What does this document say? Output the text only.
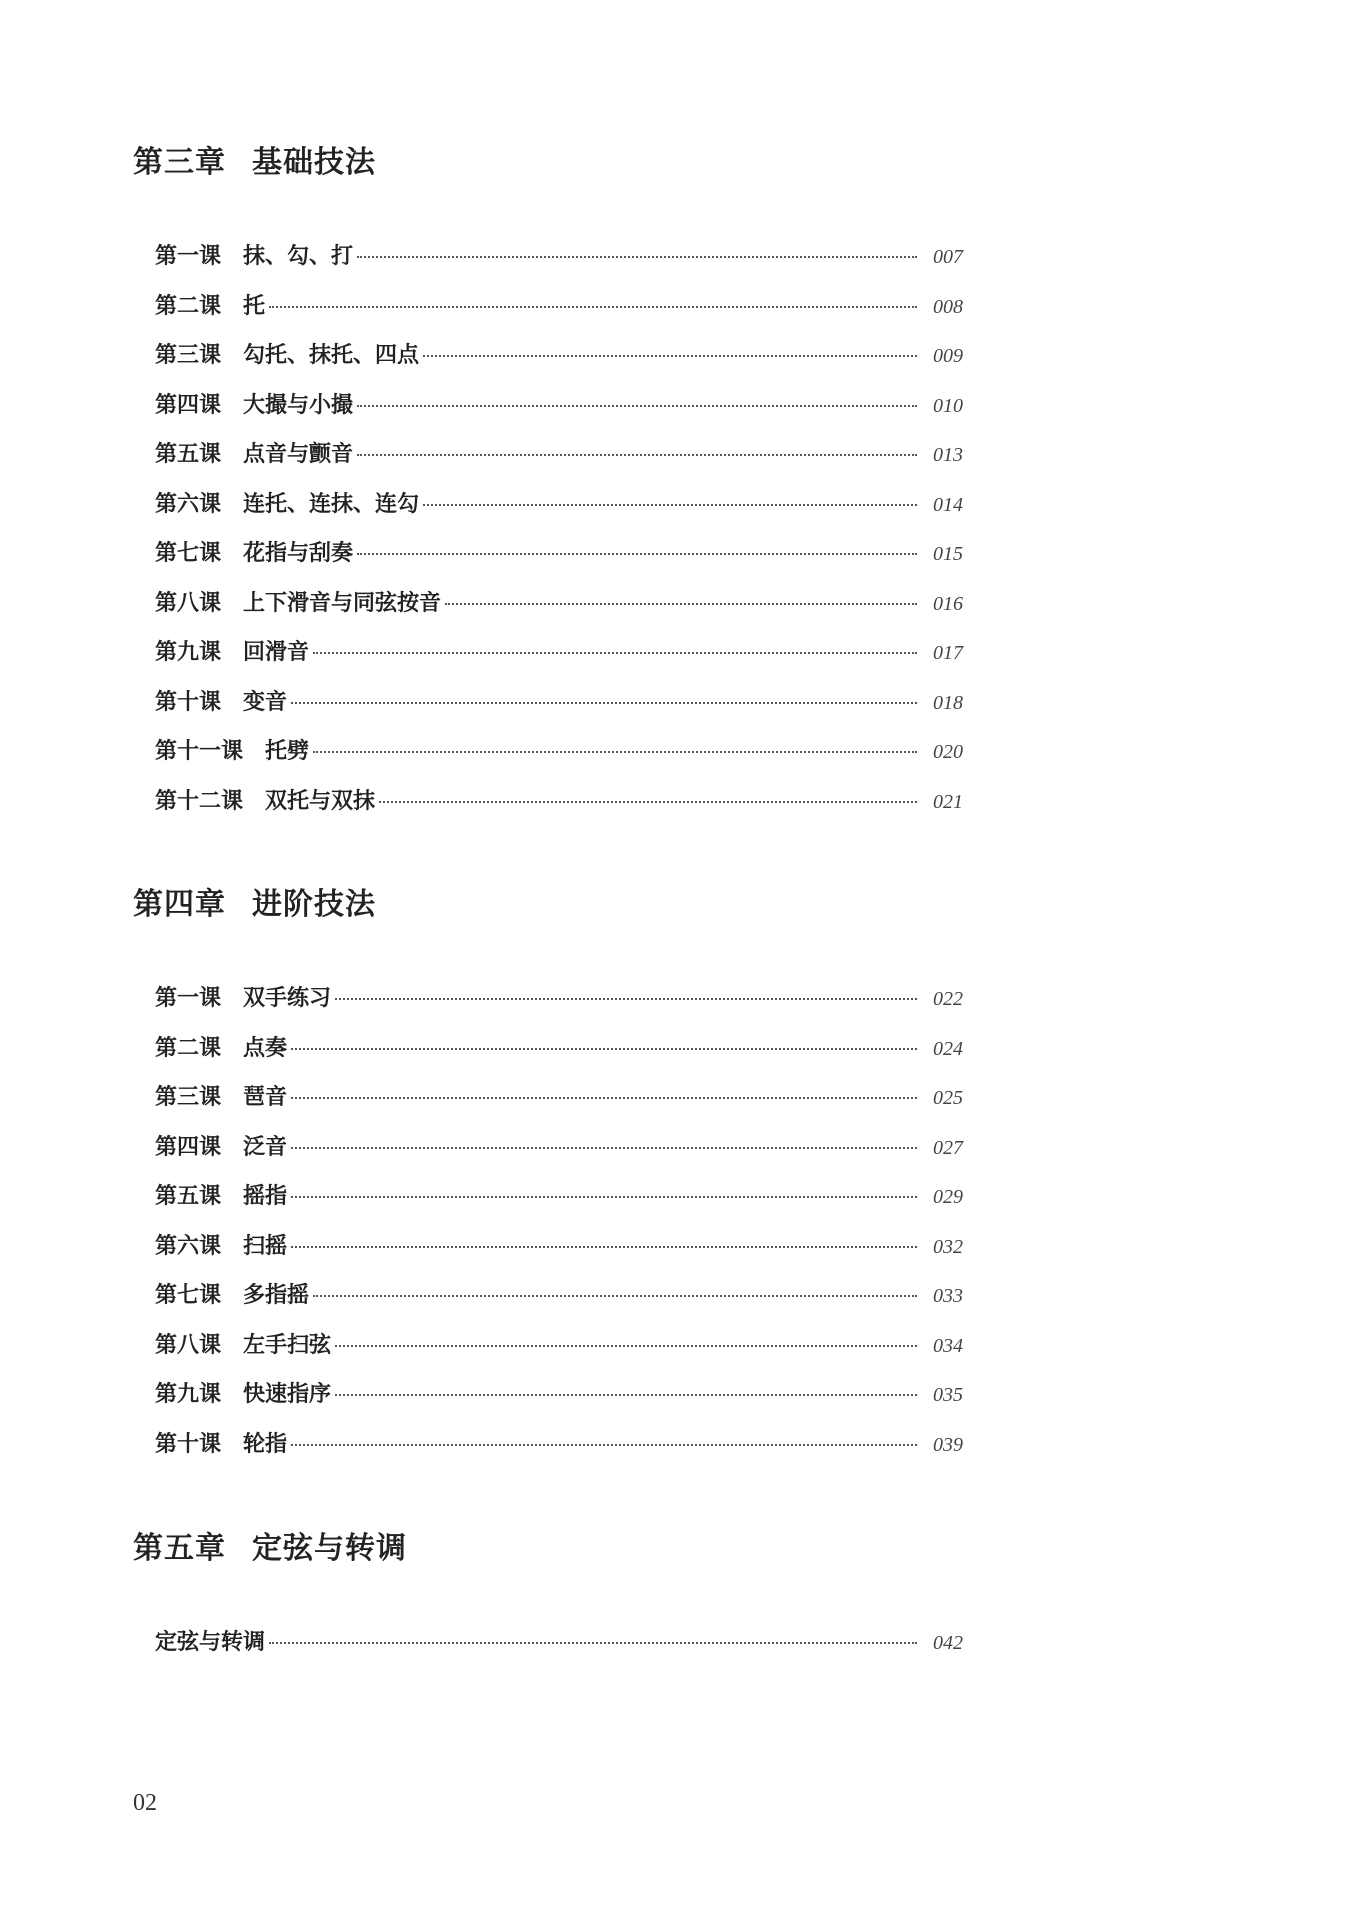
第三章 基础技法
第一课 抹、勾、打	007
第二课 托	008
第三课 勾托、抹托、四点	009
第四课 大撮与小撮	010
第五课 点音与颤音	013
第六课 连托、连抹、连勾	014
第七课 花指与刮奏	015
第八课 上下滑音与同弦按音	016
第九课 回滑音	017
第十课 变音	018
第十一课 托劈	020
第十二课 双托与双抹	021
第四章 进阶技法
第一课 双手练习	022
第二课 点奏	024
第三课 琶音	025
第四课 泛音	027
第五课 摇指	029
第六课 扫摇	032
第七课 多指摇	033
第八课 左手扫弦	034
第九课 快速指序	035
第十课 轮指	039
第五章 定弦与转调
定弦与转调	042
02
